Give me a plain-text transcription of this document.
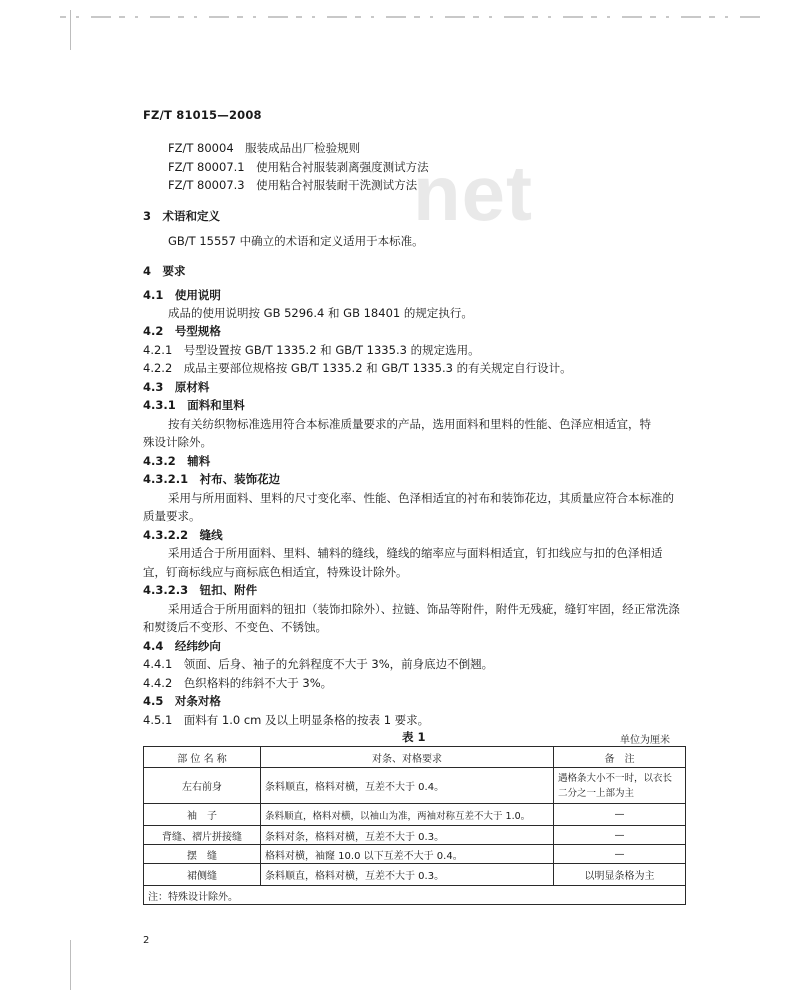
net
FZ/T 81015—2008
FZ/T 80004　服装成品出厂检验规则
FZ/T 80007.1　使用粘合衬服装剥离强度测试方法
FZ/T 80007.3　使用粘合衬服装耐干洗测试方法
3　术语和定义
GB/T 15557 中确立的术语和定义适用于本标准。
4　要求
4.1　使用说明
成品的使用说明按 GB 5296.4 和 GB 18401 的规定执行。
4.2　号型规格
4.2.1　号型设置按 GB/T 1335.2 和 GB/T 1335.3 的规定选用。
4.2.2　成品主要部位规格按 GB/T 1335.2 和 GB/T 1335.3 的有关规定自行设计。
4.3　原材料
4.3.1　面料和里料
按有关纺织物标准选用符合本标准质量要求的产品，选用面料和里料的性能、色泽应相适宜，特
殊设计除外。
4.3.2　辅料
4.3.2.1　衬布、装饰花边
采用与所用面料、里料的尺寸变化率、性能、色泽相适宜的衬布和装饰花边，其质量应符合本标准的
质量要求。
4.3.2.2　缝线
采用适合于所用面料、里料、辅料的缝线，缝线的缩率应与面料相适宜，钉扣线应与扣的色泽相适
宜，钉商标线应与商标底色相适宜，特殊设计除外。
4.3.2.3　钮扣、附件
采用适合于所用面料的钮扣（装饰扣除外）、拉链、饰品等附件，附件无残疵，缝钉牢固，经正常洗涤
和熨烫后不变形、不变色、不锈蚀。
4.4　经纬纱向
4.4.1　领面、后身、袖子的允斜程度不大于 3%，前身底边不倒翘。
4.4.2　色织格料的纬斜不大于 3%。
4.5　对条对格
4.5.1　面料有 1.0 cm 及以上明显条格的按表 1 要求。
表 1	单位为厘米
部 位 名 称	对条、对格要求	备　注
左右前身	条料顺直，格料对横，互差不大于 0.4。	遇格条大小不一时，以衣长二分之一上部为主
袖　子	条料顺直，格料对横，以袖山为准，两袖对称互差不大于 1.0。	—
背缝、褶片拼接缝	条料对条，格料对横，互差不大于 0.3。	—
摆　缝	格料对横，袖窿 10.0 以下互差不大于 0.4。	—
裙侧缝	条料顺直，格料对横，互差不大于 0.3。	以明显条格为主
注：特殊设计除外。		
2
